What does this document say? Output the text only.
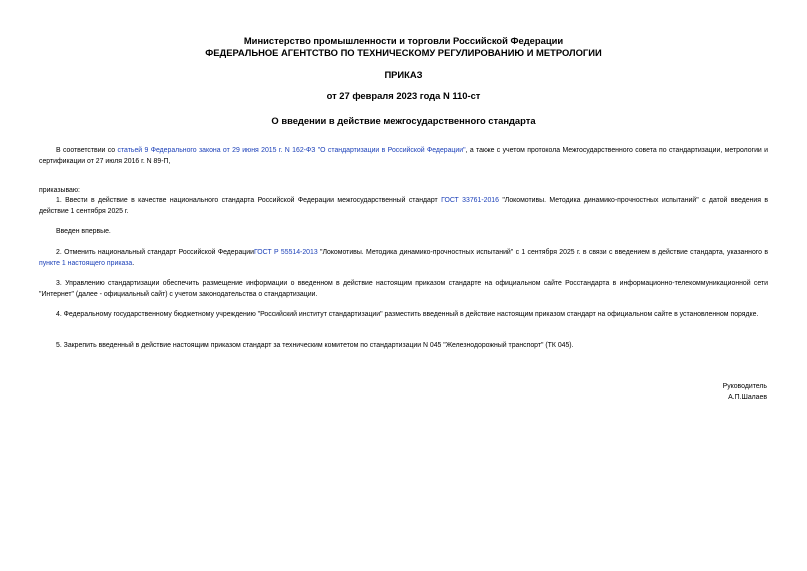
Министерство промышленности и торговли Российской Федерации
ФЕДЕРАЛЬНОЕ АГЕНТСТВО ПО ТЕХНИЧЕСКОМУ РЕГУЛИРОВАНИЮ И МЕТРОЛОГИИ
ПРИКАЗ
от 27 февраля 2023 года N 110-ст
О введении в действие межгосударственного стандарта

В соответствии со статьей 9 Федерального закона от 29 июня 2015 г. N 162-ФЗ "О стандартизации в Российской Федерации", а также с учетом протокола Межгосударственного совета по стандартизации, метрологии и сертификации от 27 июля 2016 г. N 89-П,

приказываю:

1. Ввести в действие в качестве национального стандарта Российской Федерации межгосударственный стандарт ГОСТ 33761-2016 "Локомотивы. Методика динамико-прочностных испытаний" с датой введения в действие 1 сентября 2025 г.

Введен впервые.

2. Отменить национальный стандарт Российской ФедерацииГОСТ Р 55514-2013 "Локомотивы. Методика динамико-прочностных испытаний" с 1 сентября 2025 г. в связи с введением в действие стандарта, указанного в пункте 1 настоящего приказа.

3. Управлению стандартизации обеспечить размещение информации о введенном в действие настоящим приказом стандарте на официальном сайте Росстандарта в информационно-телекоммуникационной сети "Интернет" (далее - официальный сайт) с учетом законодательства о стандартизации.

4. Федеральному государственному бюджетному учреждению "Российский институт стандартизации" разместить введенный в действие настоящим приказом стандарт на официальном сайте в установленном порядке.

5. Закрепить введенный в действие настоящим приказом стандарт за техническим комитетом по стандартизации N 045 "Железнодорожный транспорт" (ТК 045).

Руководитель
А.П.Шалаев
